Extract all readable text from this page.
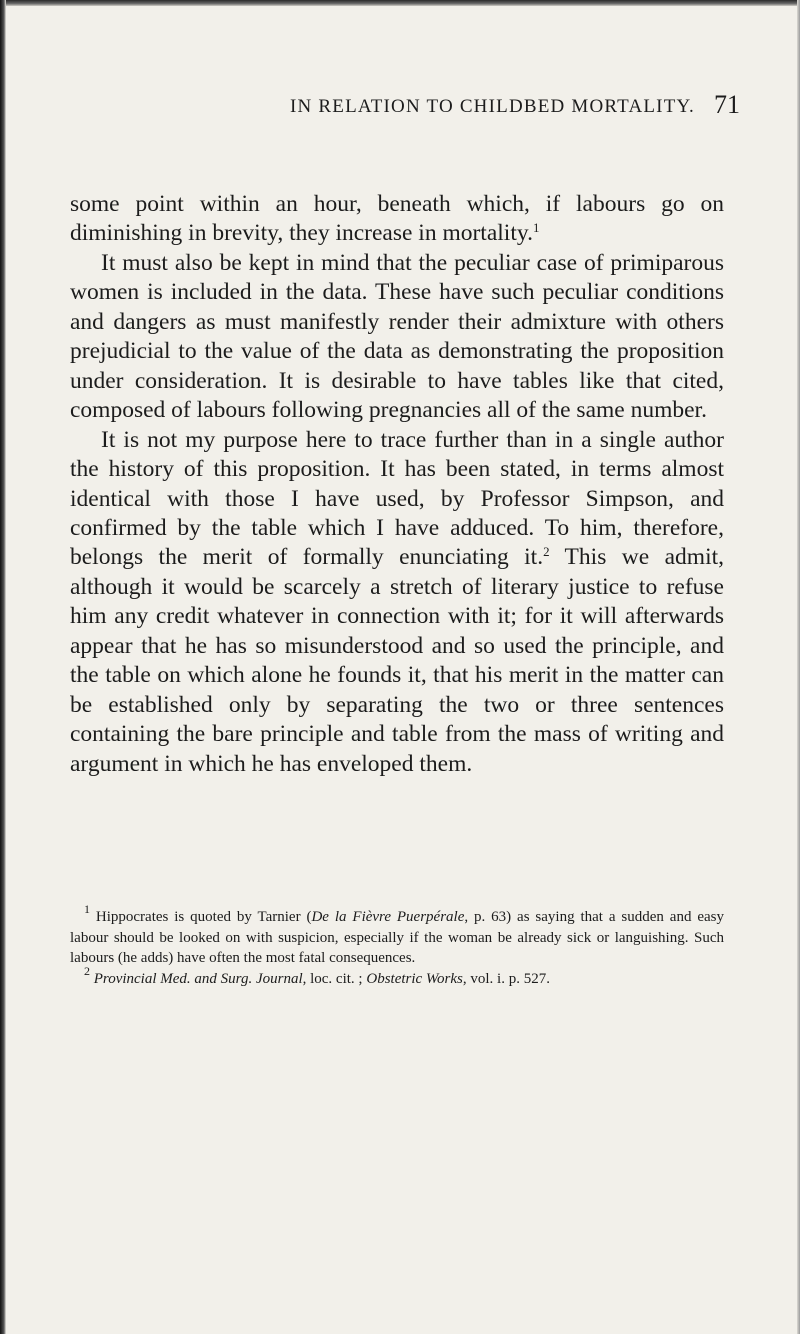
IN RELATION TO CHILDBED MORTALITY. 71

some point within an hour, beneath which, if labours go on diminishing in brevity, they increase in mortality.$^1$

It must also be kept in mind that the peculiar case of primiparous women is included in the data. These have such peculiar conditions and dangers as must manifestly render their admixture with others prejudicial to the value of the data as demonstrating the proposition under consideration. It is desirable to have tables like that cited, composed of labours following pregnancies all of the same number.

It is not my purpose here to trace further than in a single author the history of this proposition. It has been stated, in terms almost identical with those I have used, by Professor Simpson, and confirmed by the table which I have adduced. To him, therefore, belongs the merit of formally enunciating it.$^2$ This we admit, although it would be scarcely a stretch of literary justice to refuse him any credit whatever in connection with it; for it will afterwards appear that he has so misunderstood and so used the principle, and the table on which alone he founds it, that his merit in the matter can be established only by separating the two or three sentences containing the bare principle and table from the mass of writing and argument in which he has enveloped them.

$^1$ Hippocrates is quoted by Tarnier (De la Fièvre Puerpérale, p. 63) as saying that a sudden and easy labour should be looked on with suspicion, especially if the woman be already sick or languishing. Such labours (he adds) have often the most fatal consequences.

$^2$ Provincial Med. and Surg. Journal, loc. cit. ; Obstetric Works, vol. i. p. 527.
